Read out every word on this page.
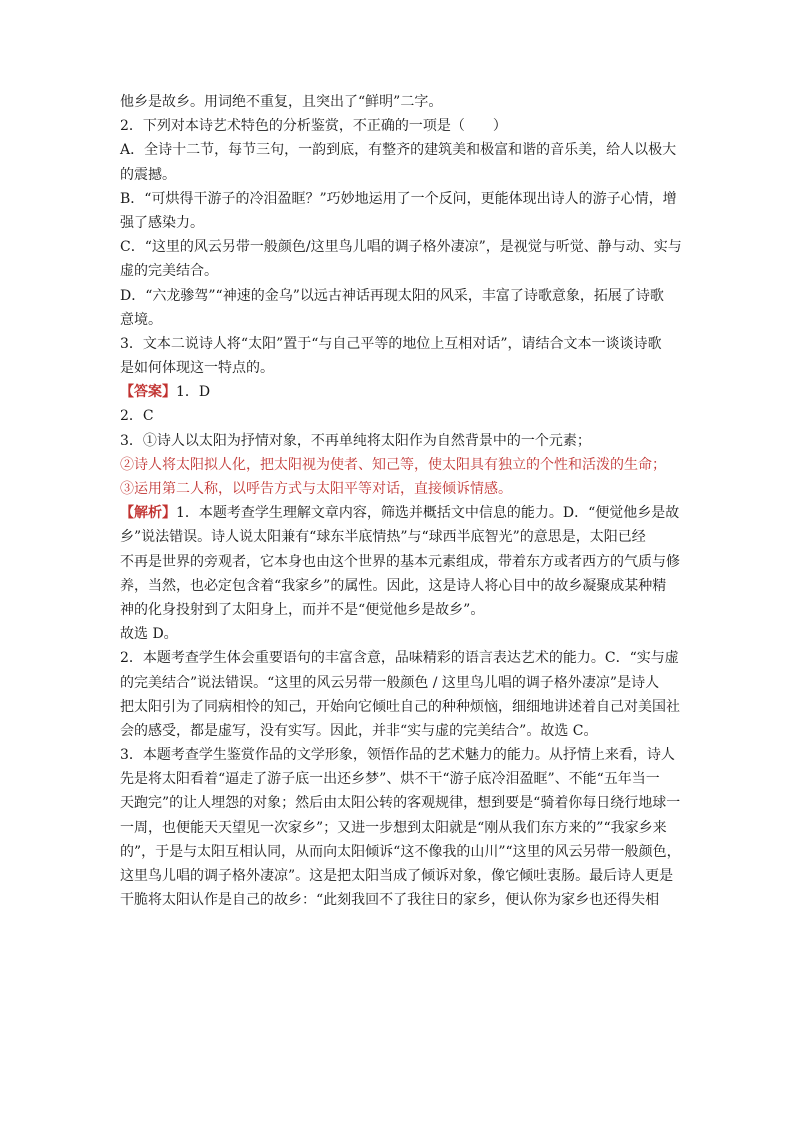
他乡是故乡。用词绝不重复，且突出了“鲜明”二字。
2．下列对本诗艺术特色的分析鉴赏，不正确的一项是（　　）
A．全诗十二节，每节三句，一韵到底，有整齐的建筑美和极富和谐的音乐美，给人以极大
的震撼。
B．“可烘得干游子的冷泪盈眶？”巧妙地运用了一个反问，更能体现出诗人的游子心情，增
强了感染力。
C．“这里的风云另带一般颜色/这里鸟儿唱的调子格外凄凉”，是视觉与听觉、静与动、实与
虚的完美结合。
D．“六龙骖驾”“神速的金乌”以远古神话再现太阳的风采，丰富了诗歌意象，拓展了诗歌
意境。
3．文本二说诗人将“太阳”置于“与自己平等的地位上互相对话”，请结合文本一谈谈诗歌
是如何体现这一特点的。
【答案】1．D
2．C
3．①诗人以太阳为抒情对象，不再单纯将太阳作为自然背景中的一个元素；
②诗人将太阳拟人化，把太阳视为使者、知己等，使太阳具有独立的个性和活泼的生命；
③运用第二人称，以呼告方式与太阳平等对话，直接倾诉情感。
【解析】1．本题考查学生理解文章内容，筛选并概括文中信息的能力。D．“便觉他乡是故
乡”说法错误。诗人说太阳兼有“球东半底情热”与“球西半底智光”的意思是，太阳已经
不再是世界的旁观者，它本身也由这个世界的基本元素组成，带着东方或者西方的气质与修
养，当然，也必定包含着“我家乡”的属性。因此，这是诗人将心目中的故乡凝聚成某种精
神的化身投射到了太阳身上，而并不是“便觉他乡是故乡”。
故选 D。
2．本题考查学生体会重要语句的丰富含意，品味精彩的语言表达艺术的能力。C．“实与虚
的完美结合”说法错误。“这里的风云另带一般颜色 / 这里鸟儿唱的调子格外凄凉”是诗人
把太阳引为了同病相怜的知己，开始向它倾吐自己的种种烦恼，细细地讲述着自己对美国社
会的感受，都是虚写，没有实写。因此，并非“实与虚的完美结合”。故选 C。
3．本题考查学生鉴赏作品的文学形象，领悟作品的艺术魅力的能力。从抒情上来看，诗人
先是将太阳看着“逼走了游子底一出还乡梦”、烘不干“游子底冷泪盈眶”、不能“五年当一
天跑完”的让人埋怨的对象；然后由太阳公转的客观规律，想到要是“骑着你每日绕行地球一
一周，也便能天天望见一次家乡”；又进一步想到太阳就是“刚从我们东方来的”“我家乡来
的”，于是与太阳互相认同，从而向太阳倾诉“这不像我的山川”“这里的风云另带一般颜色，
这里鸟儿唱的调子格外凄凉”。这是把太阳当成了倾诉对象，像它倾吐衷肠。最后诗人更是
干脆将太阳认作是自己的故乡：“此刻我回不了我往日的家乡，便认你为家乡也还得失相
